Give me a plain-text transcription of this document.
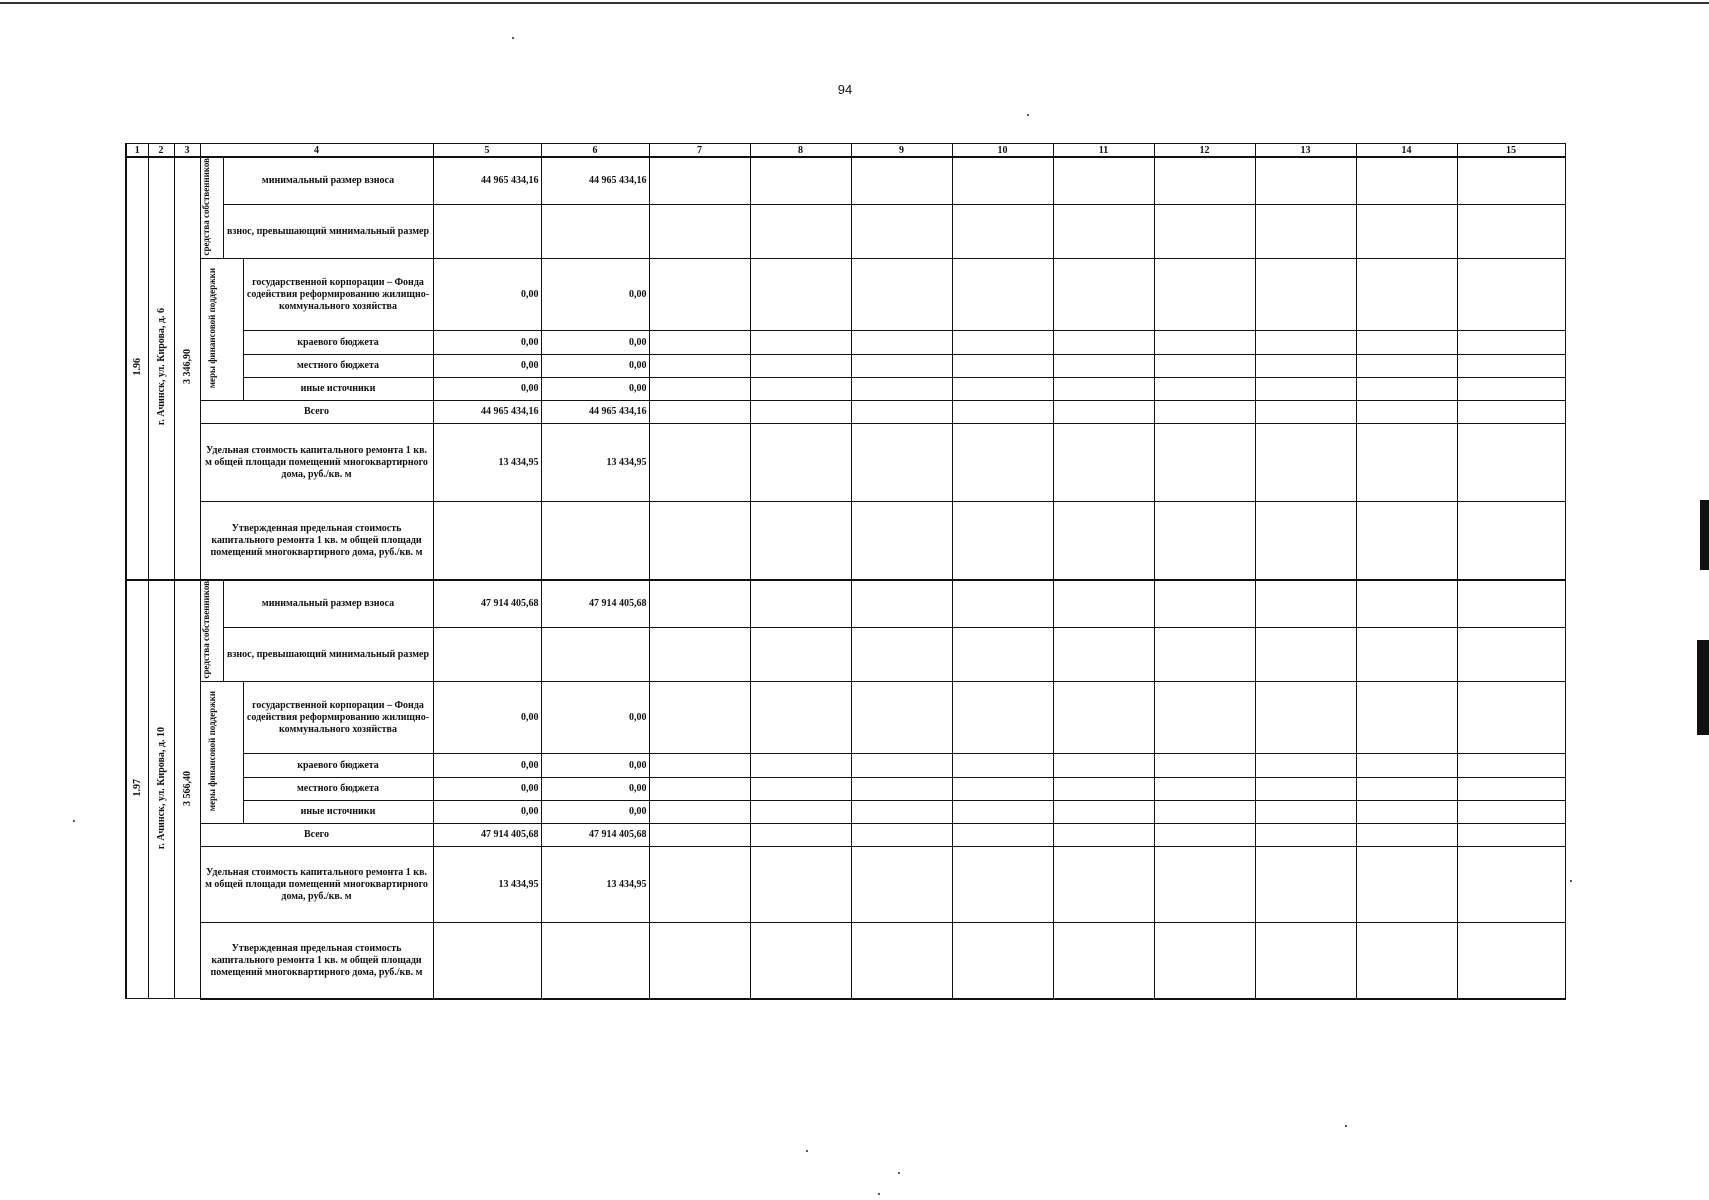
94
1	2	3	4			5	6	7	8	9	10	11	12	13	14	15
1.96	г. Ачинск, ул. Кирова, д. 6	3 346,90	средства собственников	минимальный размер взноса		44 965 434,16	44 965 434,16									
				взнос, превышающий минимальный размер												
			меры финансовой поддержки		государственной корпорации – Фонда содействия реформированию жилищно-коммунального хозяйства	0,00	0,00									
					краевого бюджета	0,00	0,00									
					местного бюджета	0,00	0,00									
					иные источники	0,00	0,00									
			Всего			44 965 434,16	44 965 434,16									
			Удельная стоимость капитального ремонта 1 кв. м общей площади помещений многоквартирного дома, руб./кв. м			13 434,95	13 434,95									
			Утвержденная предельная стоимость капитального ремонта 1 кв. м общей площади помещений многоквартирного дома, руб./кв. м													
1.97	г. Ачинск, ул. Кирова, д. 10	3 566,40	средства собственников	минимальный размер взноса		47 914 405,68	47 914 405,68									
				взнос, превышающий минимальный размер												
			меры финансовой поддержки		государственной корпорации – Фонда содействия реформированию жилищно-коммунального хозяйства	0,00	0,00									
					краевого бюджета	0,00	0,00									
					местного бюджета	0,00	0,00									
					иные источники	0,00	0,00									
			Всего			47 914 405,68	47 914 405,68									
			Удельная стоимость капитального ремонта 1 кв. м общей площади помещений многоквартирного дома, руб./кв. м			13 434,95	13 434,95									
			Утвержденная предельная стоимость капитального ремонта 1 кв. м общей площади помещений многоквартирного дома, руб./кв. м													
